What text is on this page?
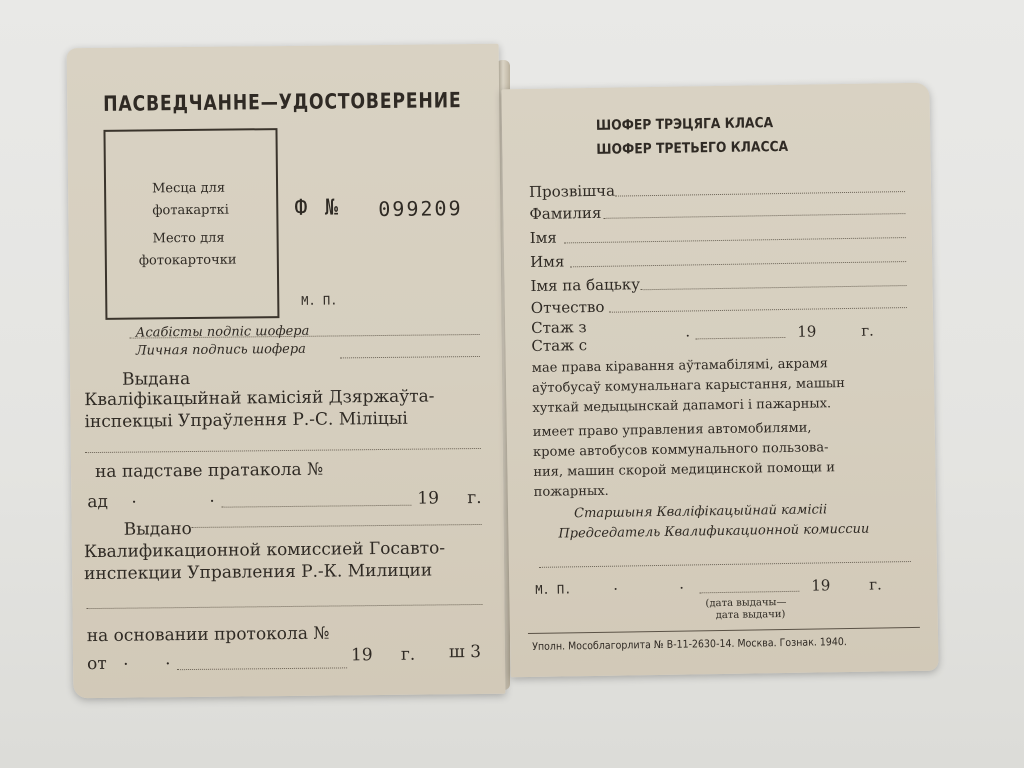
ПАСВЕДЧАННЕ—УДОСТОВЕРЕНИЕ
Месца для
фотакарткі
Место для
фотокарточки
Ф № 099209
М. П.
Асабісты подпіс шофера
Личная подпись шофера
Выдана
Кваліфікацыйнай камісіяй Дзяржаўта-
інспекцыі Упраўлення Р.-С. Міліцыі
на падставе пратакола №
ад .	.	19 г.
Выдано
Квалификационной комиссией Госавто-
инспекции Управления Р.-К. Милиции
на основании протокола №
от . .	19 г. ш 3
ШОФЕР ТРЭЦЯГА КЛАСА
ШОФЕР ТРЕТЬЕГО КЛАССА
Прозвішча
Фамилия
Імя
Имя
Імя па бацьку
Отчество
Стаж з
Стаж с
.	19	г.
мае права кіравання аўтамабілямі, акрамя
аўтобусаў комунальнага карыстання, машын
хуткай медыцынскай дапамогі і пажарных.
имеет право управления автомобилями,
кроме автобусов коммунального пользова-
ния, машин скорой медицинской помощи и
пожарных.
Старшыня Кваліфікацыйнай камісіі
Председатель Квалификационной комиссии
М. П.	.	.	19	г.
(дата выдачы—
дата выдачи)
Уполн. Мособлагорлита № В-11-2630-14. Москва. Гознак. 1940.
